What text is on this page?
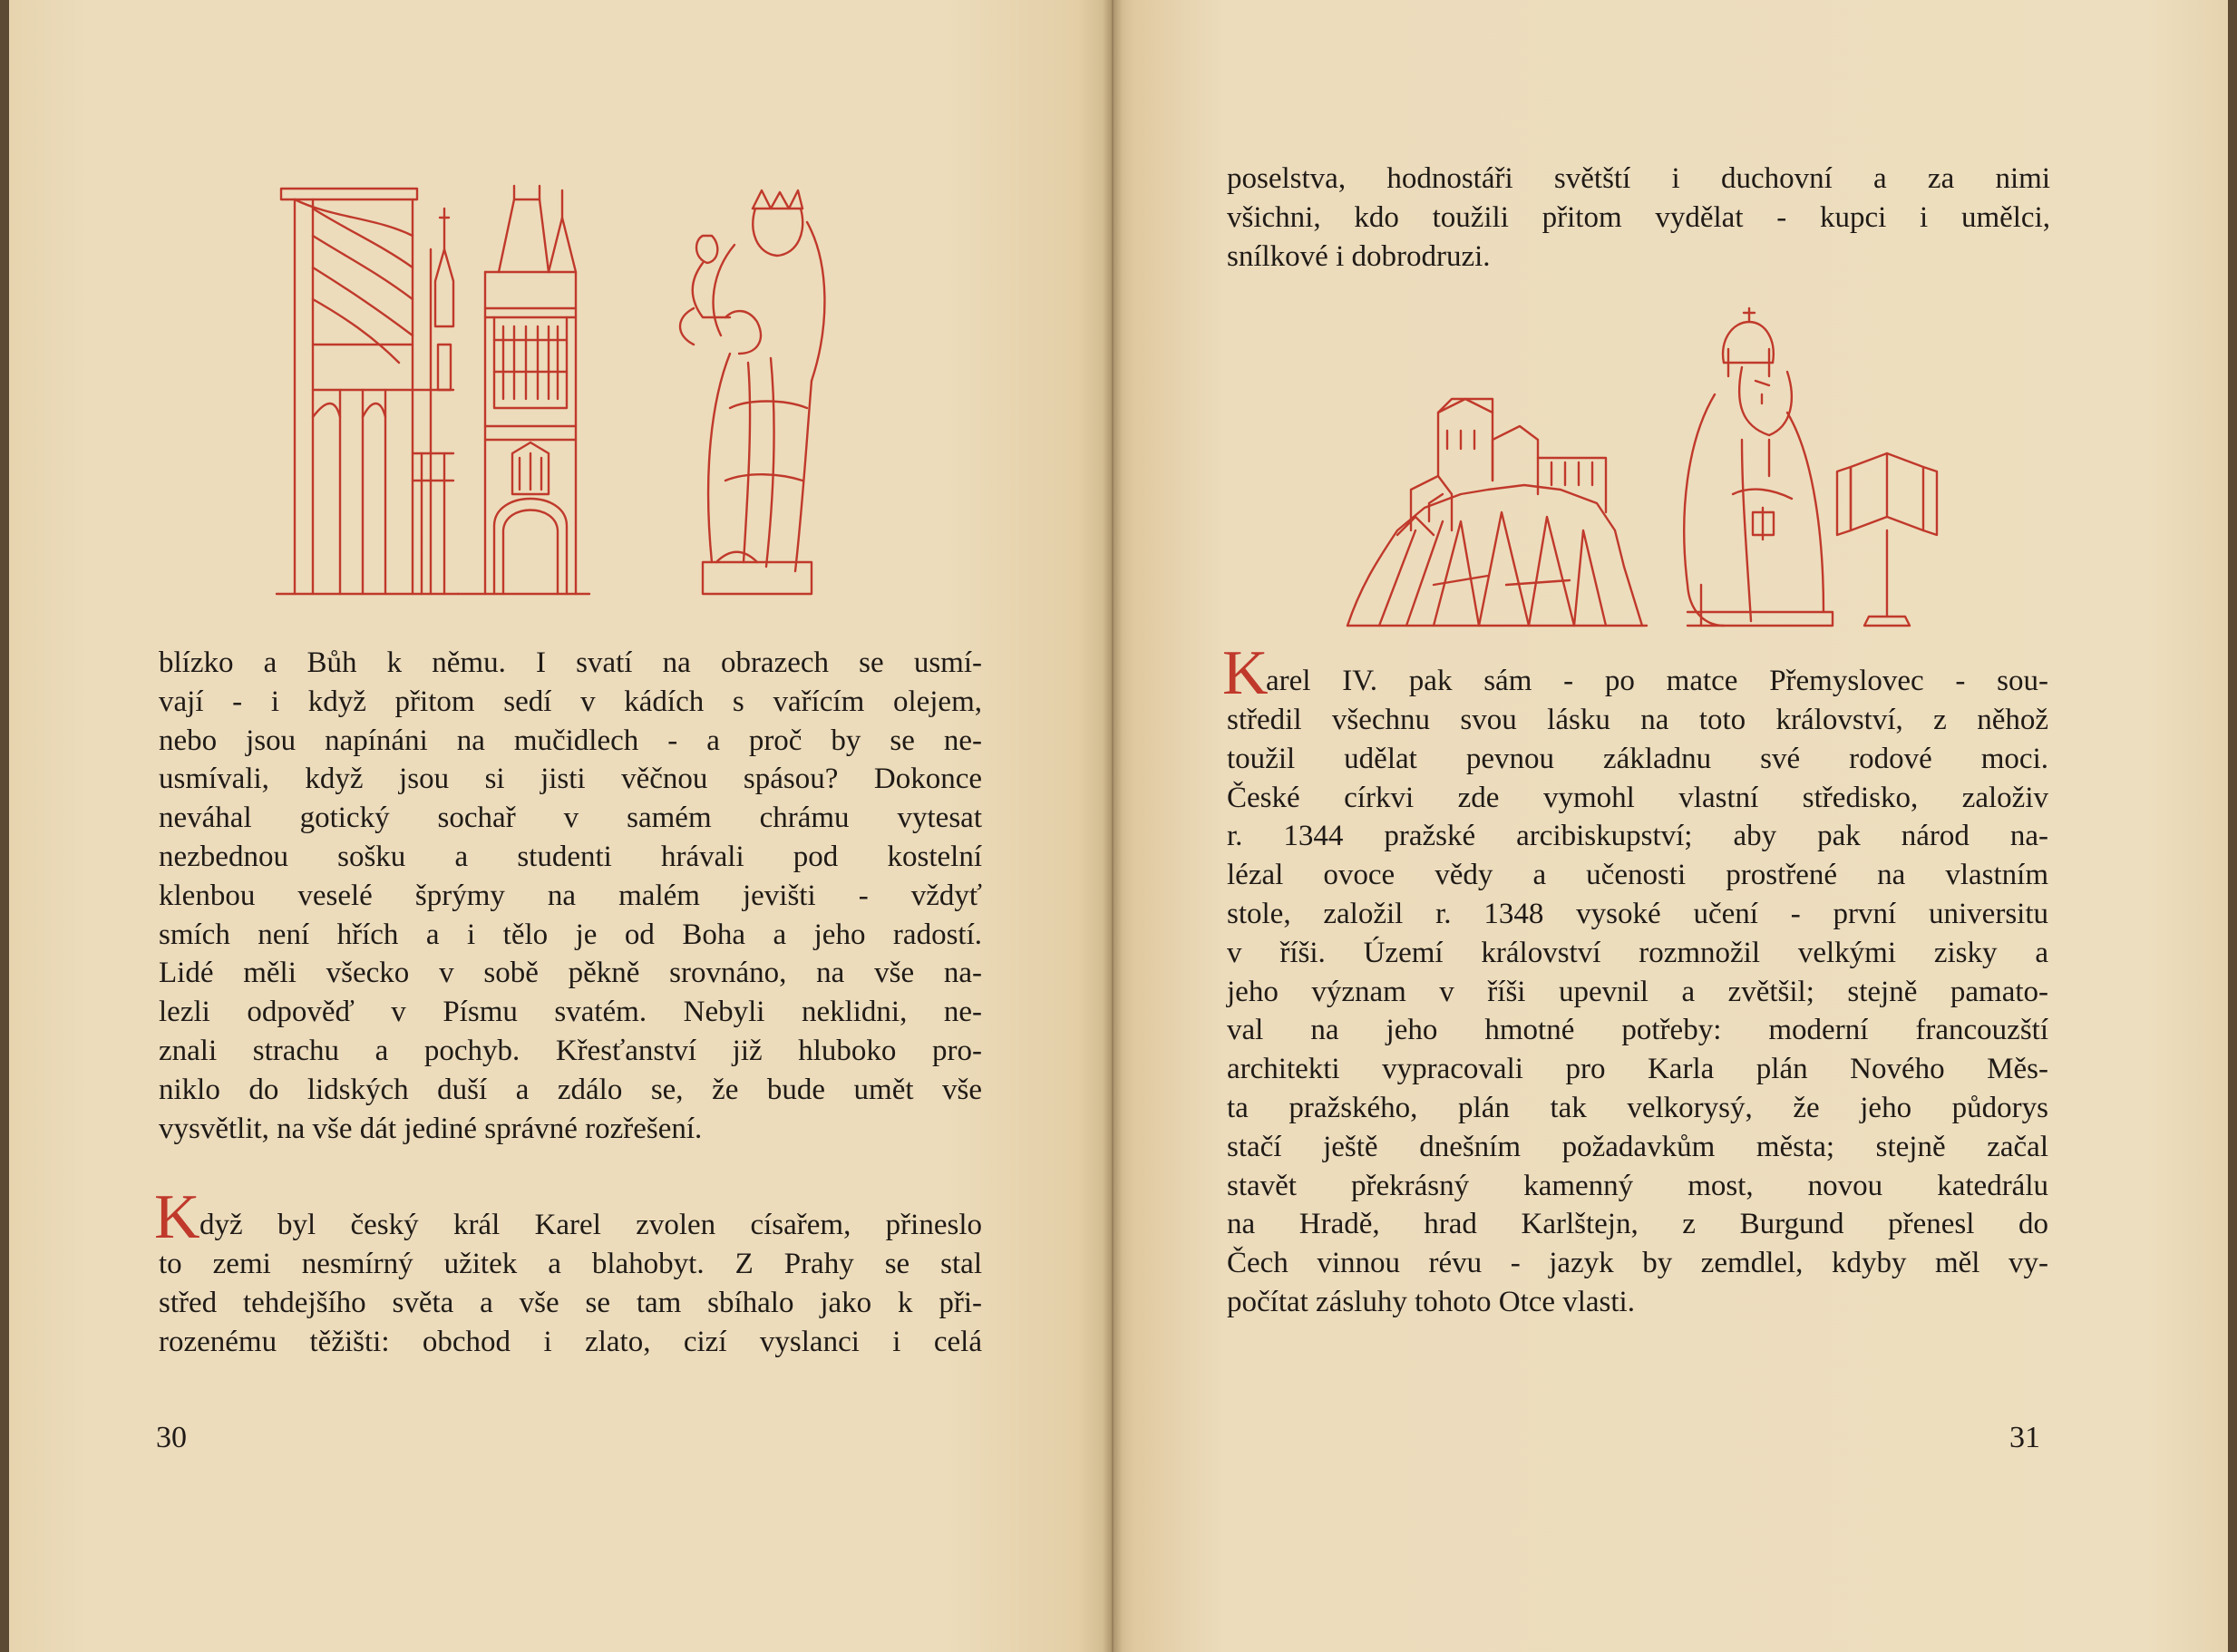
blízko a Bůh k němu. I svatí na obrazech se usmí-
vají - i když přitom sedí v kádích s vařícím olejem,
nebo jsou napínáni na mučidlech - a proč by se ne-
usmívali, když jsou si jisti věčnou spásou? Dokonce
neváhal gotický sochař v samém chrámu vytesat
nezbednou sošku a studenti hrávali pod kostelní
klenbou veselé šprýmy na malém jevišti - vždyť
smích není hřích a i tělo je od Boha a jeho radostí.
Lidé měli všecko v sobě pěkně srovnáno, na vše na-
lezli odpověď v Písmu svatém. Nebyli neklidni, ne-
znali strachu a pochyb. Křesťanství již hluboko pro-
niklo do lidských duší a zdálo se, že bude umět vše
vysvětlit, na vše dát jediné správné rozřešení.
K dyž byl český král Karel zvolen císařem, přineslo
to zemi nesmírný užitek a blahobyt. Z Prahy se stal
střed tehdejšího světa a vše se tam sbíhalo jako k při-
rozenému těžišti: obchod i zlato, cizí vyslanci i celá
30
poselstva, hodnostáři světští i duchovní a za nimi
všichni, kdo toužili přitom vydělat - kupci i umělci,
snílkové i dobrodruzi.
K
arel IV. pak sám - po matce Přemyslovec - sou-
středil všechnu svou lásku na toto království, z něhož
toužil udělat pevnou základnu své rodové moci.
České církvi zde vymohl vlastní středisko, založiv
r. 1344 pražské arcibiskupství; aby pak národ na-
lézal ovoce vědy a učenosti prostřené na vlastním
stole, založil r. 1348 vysoké učení - první universitu
v říši. Území království rozmnožil velkými zisky a
jeho význam v říši upevnil a zvětšil; stejně pamato-
val na jeho hmotné potřeby: moderní francouzští
architekti vypracovali pro Karla plán Nového Měs-
ta pražského, plán tak velkorysý, že jeho půdorys
stačí ještě dnešním požadavkům města; stejně začal
stavět překrásný kamenný most, novou katedrálu
na Hradě, hrad Karlštejn, z Burgund přenesl do
Čech vinnou révu - jazyk by zemdlel, kdyby měl vy-
počítat zásluhy tohoto Otce vlasti.
31
